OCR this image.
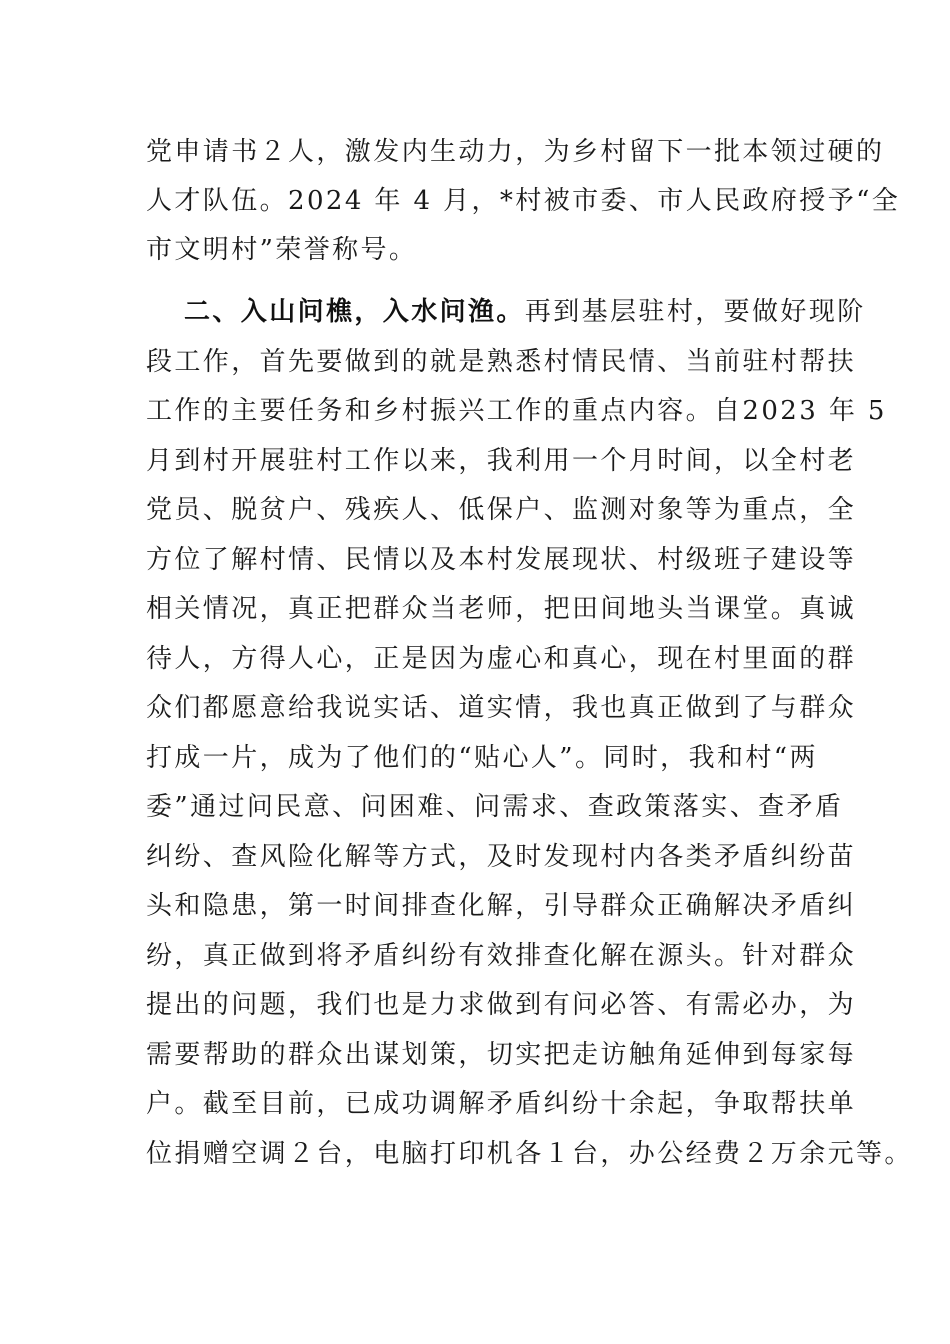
党申请书２人，激发内生动力，为乡村留下一批本领过硬的
人才队伍。2024 年 4 月，*村被市委、市人民政府授予“全
市文明村”荣誉称号。
二、入山问樵，入水问渔。再到基层驻村，要做好现阶
段工作，首先要做到的就是熟悉村情民情、当前驻村帮扶
工作的主要任务和乡村振兴工作的重点内容。自2023 年 5
月到村开展驻村工作以来，我利用一个月时间，以全村老
党员、脱贫户、残疾人、低保户、监测对象等为重点，全
方位了解村情、民情以及本村发展现状、村级班子建设等
相关情况，真正把群众当老师，把田间地头当课堂。真诚
待人，方得人心，正是因为虚心和真心，现在村里面的群
众们都愿意给我说实话、道实情，我也真正做到了与群众
打成一片，成为了他们的“贴心人”。同时，我和村“两
委”通过问民意、问困难、问需求、查政策落实、查矛盾
纠纷、查风险化解等方式，及时发现村内各类矛盾纠纷苗
头和隐患，第一时间排查化解，引导群众正确解决矛盾纠
纷，真正做到将矛盾纠纷有效排查化解在源头。针对群众
提出的问题，我们也是力求做到有问必答、有需必办，为
需要帮助的群众出谋划策，切实把走访触角延伸到每家每
户。截至目前，已成功调解矛盾纠纷十余起，争取帮扶单
位捐赠空调２台，电脑打印机各１台，办公经费２万余元等。
